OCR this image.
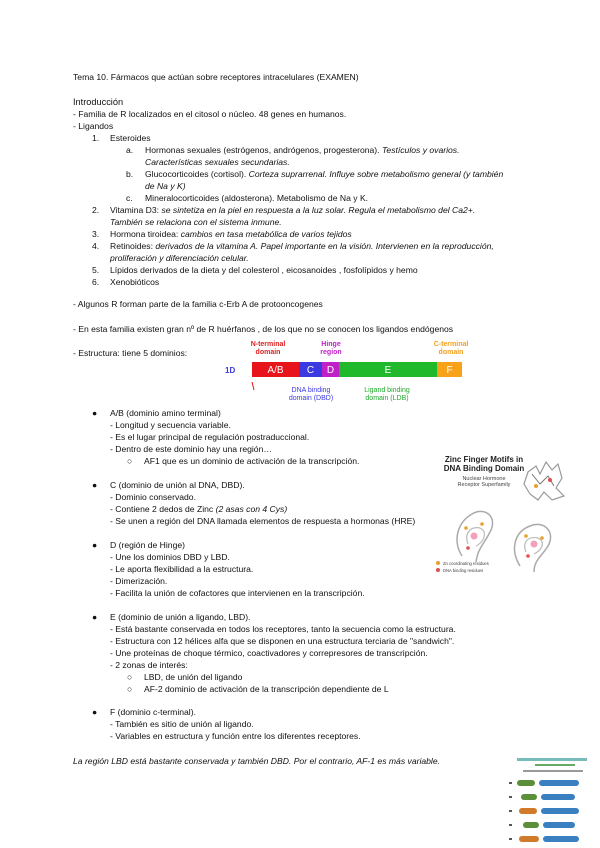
Tema 10. Fármacos que actúan sobre receptores intracelulares (EXAMEN)
Introducción
- Familia de R localizados en el citosol o núcleo. 48 genes en humanos.
- Ligandos
1. Esteroides
a. Hormonas sexuales (estrógenos, andrógenos, progesterona). Testículos y ovarios.
Características sexuales secundarias.
b. Glucocorticoides (cortisol). Corteza suprarrenal. Influye sobre metabolismo general (y también
de Na y K)
c. Mineralocorticoides (aldosterona). Metabolismo de Na y K.
2. Vitamina D3: se sintetiza en la piel en respuesta a la luz solar. Regula el metabolismo del Ca2+.
También se relaciona con el sistema inmune.
3. Hormona tiroidea: cambios en tasa metabólica de varios tejidos
4. Retinoides: derivados de la vitamina A. Papel importante en la visión. Intervienen en la reproducción,
proliferación y diferenciación celular.
5. Lípidos derivados de la dieta y del colesterol , eicosanoides , fosfolípidos y hemo
6. Xenobióticos
- Algunos R forman parte de la familia c-Erb A de protooncogenes
- En esta familia existen gran nº de R huérfanos , de los que no se conocen los ligandos endógenos
- Estructura: tiene 5 dominios:
N-terminal
domain
Hinge
region
C-terminal
domain
1D	A/B C D	E	F
DNA binding
domain (DBD)
Ligand binding
domain (LDB)
● A/B (dominio amino terminal)
- Longitud y secuencia variable.
- Es el lugar principal de regulación postraduccional.
- Dentro de este dominio hay una región…
○ AF1 que es un dominio de activación de la transcripción.
● C (dominio de unión al DNA, DBD).
- Dominio conservado.
- Contiene 2 dedos de Zinc (2 asas con 4 Cys)
- Se unen a región del DNA llamada elementos de respuesta a hormonas (HRE)
● D (región de Hinge)
- Une los dominios DBD y LBD.
- Le aporta flexibilidad a la estructura.
- Dimerización.
- Facilita la unión de cofactores que intervienen en la transcripción.
● E (dominio de unión a ligando, LBD).
- Está bastante conservada en todos los receptores, tanto la secuencia como la estructura.
- Estructura con 12 hélices alfa que se disponen en una estructura terciaria de "sandwich".
- Une proteínas de choque térmico, coactivadores y correpresores de transcripción.
- 2 zonas de interés:
○ LBD, de unión del ligando
○ AF-2 dominio de activación de la transcripción dependiente de L
● F (dominio c-terminal).
- También es sitio de unión al ligando.
- Variables en estructura y función entre los diferentes receptores.
La región LBD está bastante conservada y también DBD. Por el contrario, AF-1 es más variable.
Zinc Finger Motifs in
DNA Binding Domain
Nuclear Hormone
Receptor Superfamily
Zn coordinating residues
DNA binding residues
